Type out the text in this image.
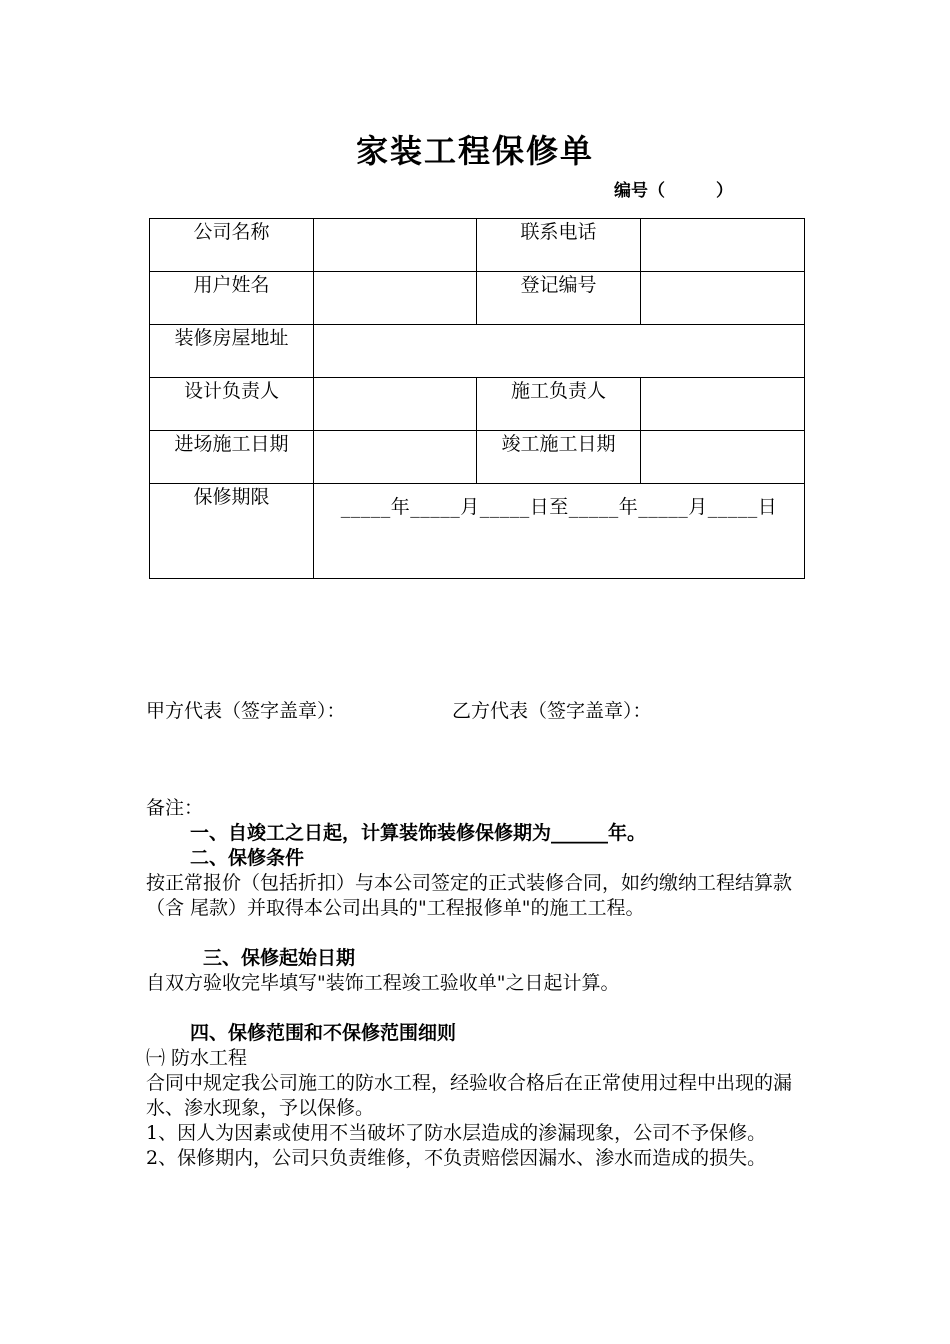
家装工程保修单
编号（　　　）
公司名称		联系电话	
用户姓名		登记编号	
装修房屋地址			
设计负责人		施工负责人	
进场施工日期		竣工施工日期	
保修期限	_____年_____月_____日至_____年_____月_____日		
甲方代表（签字盖章）：	乙方代表（签字盖章）：

备注：

一、自竣工之日起，计算装饰装修保修期为______年。

二、保修条件

按正常报价（包括折扣）与本公司签定的正式装修合同，如约缴纳工程结算款（含 尾款）并取得本公司出具的"工程报修单"的施工工程。

三、保修起始日期

自双方验收完毕填写"装饰工程竣工验收单"之日起计算。

四、保修范围和不保修范围细则

㈠ 防水工程

合同中规定我公司施工的防水工程，经验收合格后在正常使用过程中出现的漏水、渗水现象，予以保修。

1、因人为因素或使用不当破坏了防水层造成的渗漏现象，公司不予保修。

2、保修期内，公司只负责维修，不负责赔偿因漏水、渗水而造成的损失。
